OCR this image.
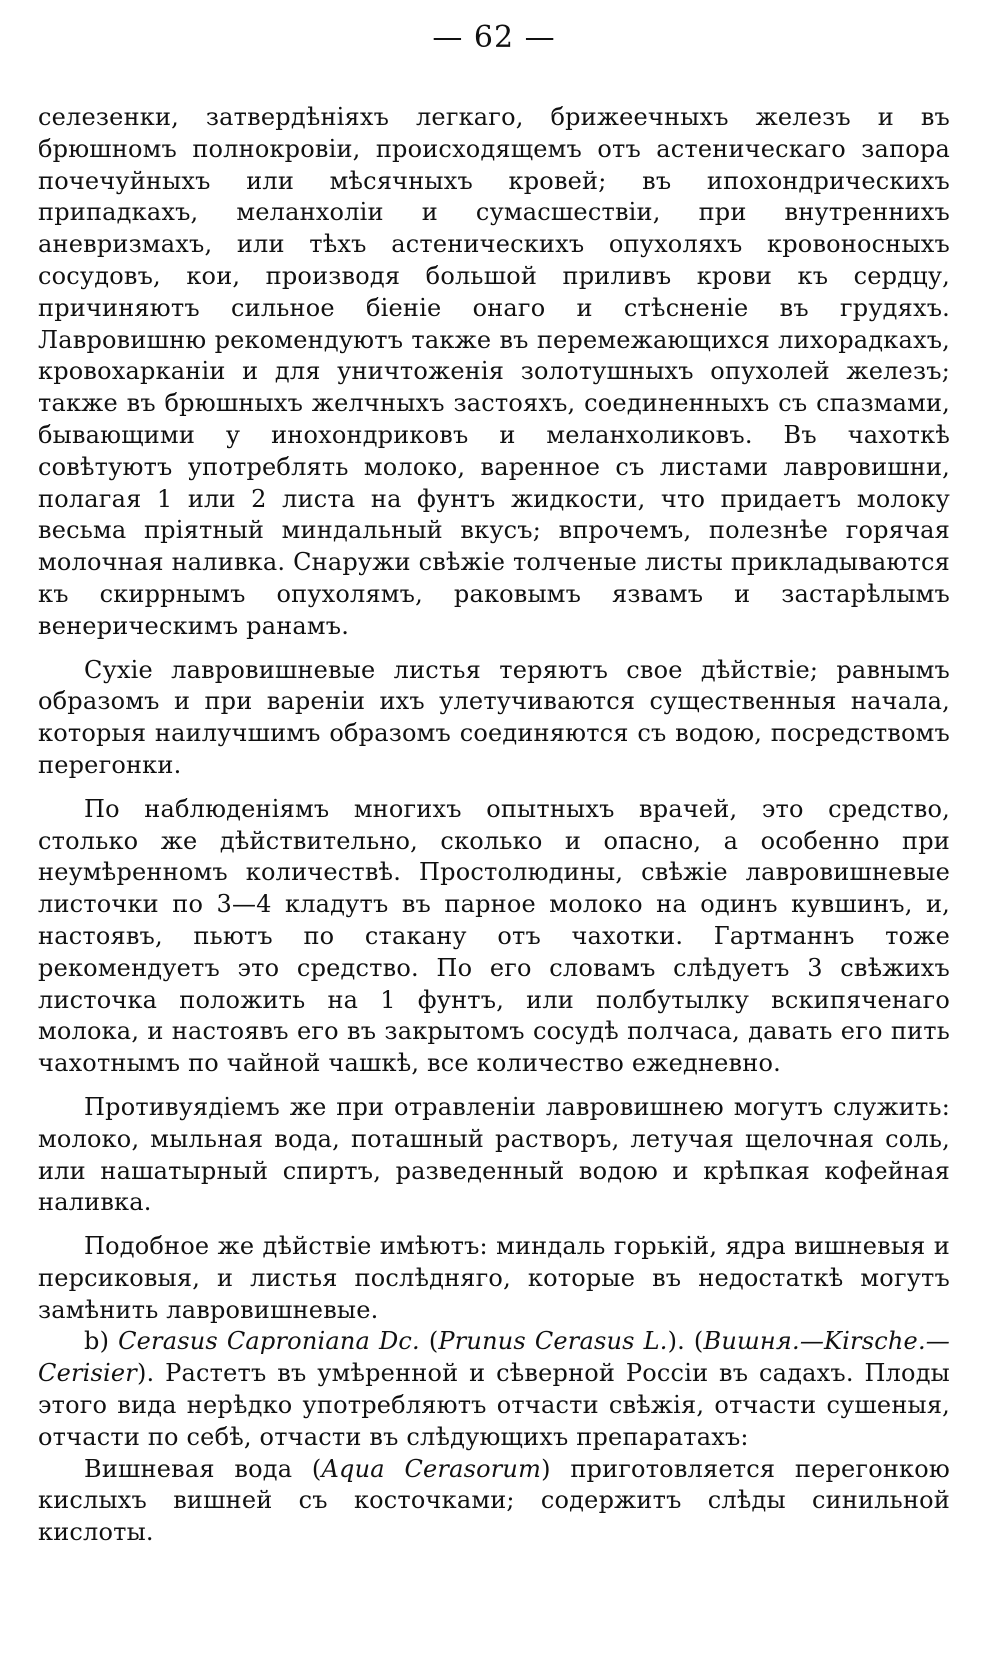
— 62 —

селезенки, затвердѣніяхъ легкаго, брижеечныхъ железъ и въ брюшномъ полнокровіи, происходящемъ отъ астеническаго запора почечуйныхъ или мѣсячныхъ кровей; въ ипохондрическихъ припадкахъ, меланхоліи и сумасшествіи, при внутреннихъ аневризмахъ, или тѣхъ астеническихъ опухоляхъ кровоносныхъ сосудовъ, кои, производя большой приливъ крови къ сердцу, причиняютъ сильное біеніе онаго и стѣсненіе въ грудяхъ. Лавровишню рекомендуютъ также въ перемежающихся лихорадкахъ, кровохарканіи и для уничтоженія золотушныхъ опухолей железъ; также въ брюшныхъ желчныхъ застояхъ, соединенныхъ съ спазмами, бывающими у инохондриковъ и меланхоликовъ. Въ чахоткѣ совѣтуютъ употреблять молоко, варенное съ листами лавровишни, полагая 1 или 2 листа на фунтъ жидкости, что придаетъ молоку весьма пріятный миндальный вкусъ; впрочемъ, полезнѣе горячая молочная наливка. Снаружи свѣжіе толченые листы прикладываются къ скиррнымъ опухолямъ, раковымъ язвамъ и застарѣлымъ венерическимъ ранамъ.

Сухіе лавровишневые листья теряютъ свое дѣйствіе; равнымъ образомъ и при вареніи ихъ улетучиваются существенныя начала, которыя наилучшимъ образомъ соединяются съ водою, посредствомъ перегонки.

По наблюденіямъ многихъ опытныхъ врачей, это средство, столько же дѣйствительно, сколько и опасно, а особенно при неумѣренномъ количествѣ. Простолюдины, свѣжіе лавровишневые листочки по 3—4 кладутъ въ парное молоко на одинъ кувшинъ, и, настоявъ, пьютъ по стакану отъ чахотки. Гартманнъ тоже рекомендуетъ это средство. По его словамъ слѣдуетъ 3 свѣжихъ листочка положить на 1 фунтъ, или полбутылку вскипяченаго молока, и настоявъ его въ закрытомъ сосудѣ полчаса, давать его пить чахотнымъ по чайной чашкѣ, все количество ежедневно.

Противуядіемъ же при отравленіи лавровишнею могутъ служить: молоко, мыльная вода, поташный растворъ, летучая щелочная соль, или нашатырный спиртъ, разведенный водою и крѣпкая кофейная наливка.

Подобное же дѣйствіе имѣютъ: миндаль горькій, ядра вишневыя и персиковыя, и листья послѣдняго, которые въ недостаткѣ могутъ замѣнить лавровишневые.

b) Cerasus Caproniana Dc. (Prunus Cerasus L.). (Вишня.—Kirsche.—Cerisier). Растетъ въ умѣренной и сѣверной Россіи въ садахъ. Плоды этого вида нерѣдко употребляютъ отчасти свѣжія, отчасти сушеныя, отчасти по себѣ, отчасти въ слѣдующихъ препаратахъ:

Вишневая вода (Aqua Cerasorum) приготовляется перегонкою кислыхъ вишней съ косточками; содержитъ слѣды синильной кислоты.
